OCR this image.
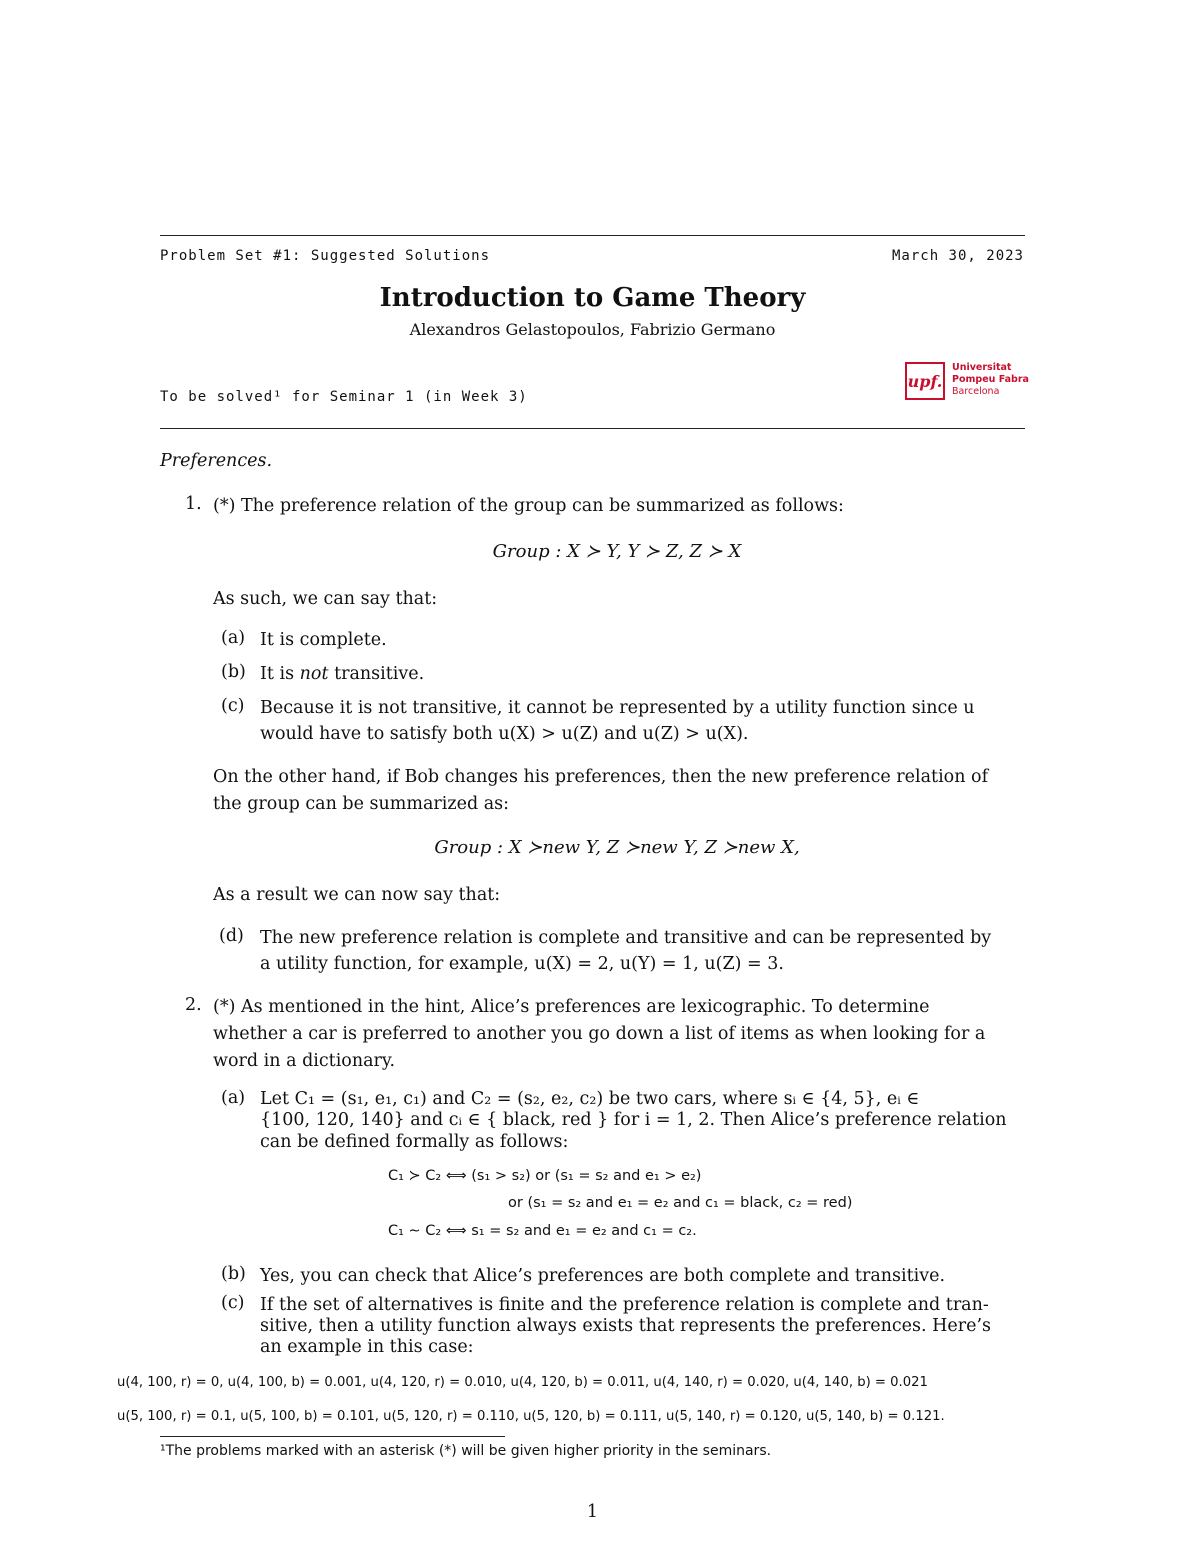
Problem Set #1: Suggested Solutions	March 30, 2023
Introduction to Game Theory
Alexandros Gelastopoulos, Fabrizio Germano
To be solved¹ for Seminar 1 (in Week 3)
upf.
Universitat
Pompeu Fabra
Barcelona
Preferences.
1. (*) The preference relation of the group can be summarized as follows:
Group : X ≻ Y, Y ≻ Z, Z ≻ X
As such, we can say that:
(a) It is complete.
(b) It is not transitive.
(c) Because it is not transitive, it cannot be represented by a utility function since u
would have to satisfy both u(X) > u(Z) and u(Z) > u(X).
On the other hand, if Bob changes his preferences, then the new preference relation of
the group can be summarized as:
Group : X ≻new Y, Z ≻new Y, Z ≻new X,
As a result we can now say that:
(d) The new preference relation is complete and transitive and can be represented by
a utility function, for example, u(X) = 2, u(Y) = 1, u(Z) = 3.
2. (*) As mentioned in the hint, Alice’s preferences are lexicographic. To determine
whether a car is preferred to another you go down a list of items as when looking for a
word in a dictionary.
(a) Let C₁ = (s₁, e₁, c₁) and C₂ = (s₂, e₂, c₂) be two cars, where sᵢ ∈ {4, 5}, eᵢ ∈
{100, 120, 140} and cᵢ ∈ { black, red } for i = 1, 2. Then Alice’s preference relation
can be defined formally as follows:
C₁ ≻ C₂ ⟺ (s₁ > s₂) or (s₁ = s₂ and e₁ > e₂)
or (s₁ = s₂ and e₁ = e₂ and c₁ = black, c₂ = red)
C₁ ∼ C₂ ⟺ s₁ = s₂ and e₁ = e₂ and c₁ = c₂.
(b) Yes, you can check that Alice’s preferences are both complete and transitive.
(c) If the set of alternatives is finite and the preference relation is complete and tran-
sitive, then a utility function always exists that represents the preferences. Here’s
an example in this case:
u(4, 100, r) = 0, u(4, 100, b) = 0.001, u(4, 120, r) = 0.010, u(4, 120, b) = 0.011, u(4, 140, r) = 0.020, u(4, 140, b) = 0.021
u(5, 100, r) = 0.1, u(5, 100, b) = 0.101, u(5, 120, r) = 0.110, u(5, 120, b) = 0.111, u(5, 140, r) = 0.120, u(5, 140, b) = 0.121.
¹The problems marked with an asterisk (*) will be given higher priority in the seminars.
1
